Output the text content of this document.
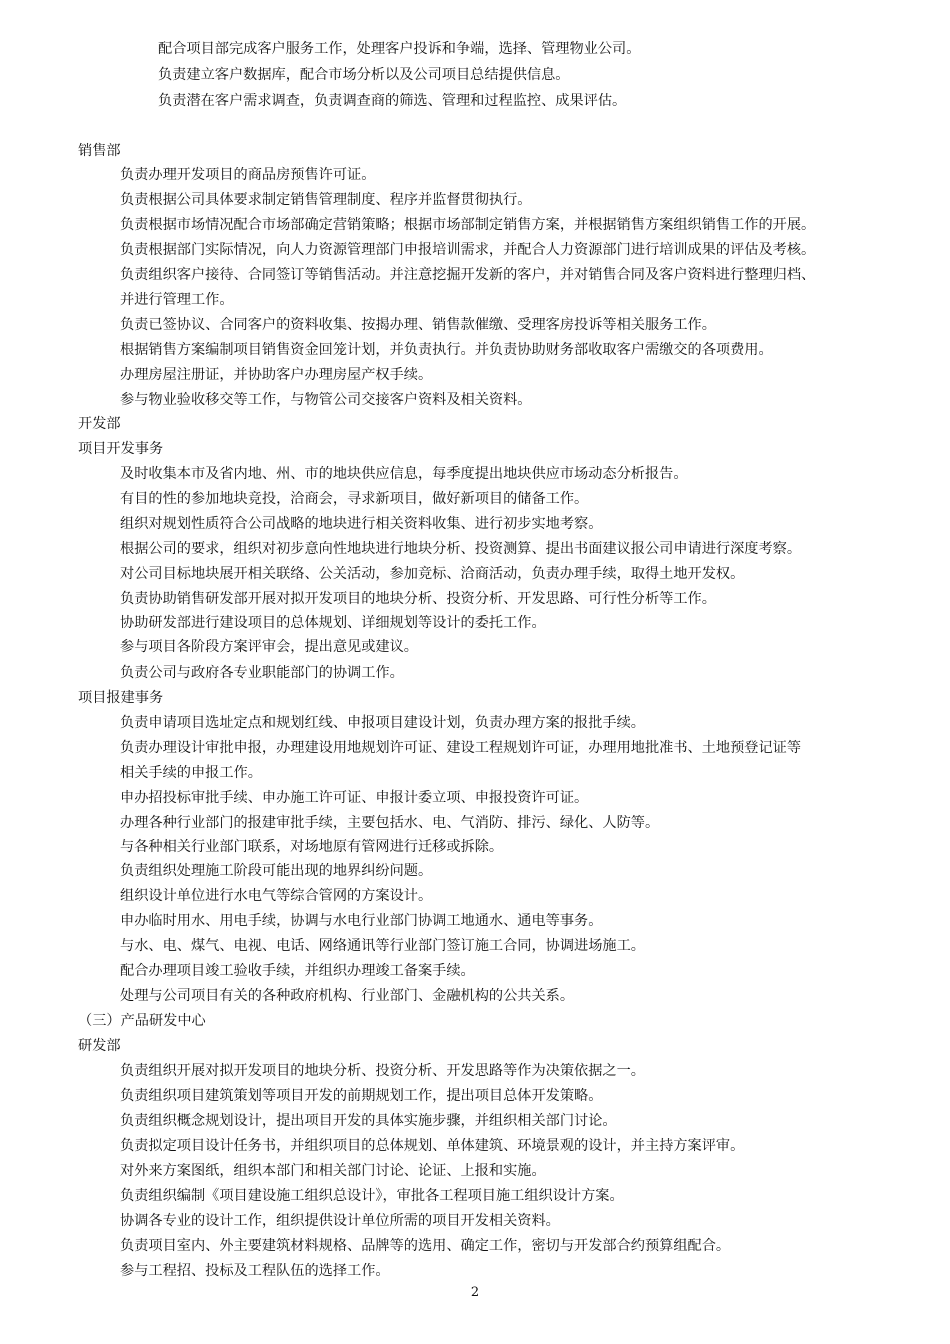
配合项目部完成客户服务工作，处理客户投诉和争端，选择、管理物业公司。
负责建立客户数据库，配合市场分析以及公司项目总结提供信息。
负责潜在客户需求调查，负责调查商的筛选、管理和过程监控、成果评估。
销售部
负责办理开发项目的商品房预售许可证。
负责根据公司具体要求制定销售管理制度、程序并监督贯彻执行。
负责根据市场情况配合市场部确定营销策略；根据市场部制定销售方案，并根据销售方案组织销售工作的开展。
负责根据部门实际情况，向人力资源管理部门申报培训需求，并配合人力资源部门进行培训成果的评估及考核。
负责组织客户接待、合同签订等销售活动。并注意挖掘开发新的客户，并对销售合同及客户资料进行整理归档、
并进行管理工作。
负责已签协议、合同客户的资料收集、按揭办理、销售款催缴、受理客房投诉等相关服务工作。
根据销售方案编制项目销售资金回笼计划，并负责执行。并负责协助财务部收取客户需缴交的各项费用。
办理房屋注册证，并协助客户办理房屋产权手续。
参与物业验收移交等工作，与物管公司交接客户资料及相关资料。
开发部
项目开发事务
及时收集本市及省内地、州、市的地块供应信息，每季度提出地块供应市场动态分析报告。
有目的性的参加地块竞投，洽商会，寻求新项目，做好新项目的储备工作。
组织对规划性质符合公司战略的地块进行相关资料收集、进行初步实地考察。
根据公司的要求，组织对初步意向性地块进行地块分析、投资测算、提出书面建议报公司申请进行深度考察。
对公司目标地块展开相关联络、公关活动，参加竞标、洽商活动，负责办理手续，取得土地开发权。
负责协助销售研发部开展对拟开发项目的地块分析、投资分析、开发思路、可行性分析等工作。
协助研发部进行建设项目的总体规划、详细规划等设计的委托工作。
参与项目各阶段方案评审会，提出意见或建议。
负责公司与政府各专业职能部门的协调工作。
项目报建事务
负责申请项目选址定点和规划红线、申报项目建设计划，负责办理方案的报批手续。
负责办理设计审批申报，办理建设用地规划许可证、建设工程规划许可证，办理用地批准书、土地预登记证等
相关手续的申报工作。
申办招投标审批手续、申办施工许可证、申报计委立项、申报投资许可证。
办理各种行业部门的报建审批手续，主要包括水、电、气消防、排污、绿化、人防等。
与各种相关行业部门联系，对场地原有管网进行迁移或拆除。
负责组织处理施工阶段可能出现的地界纠纷问题。
组织设计单位进行水电气等综合管网的方案设计。
申办临时用水、用电手续，协调与水电行业部门协调工地通水、通电等事务。
与水、电、煤气、电视、电话、网络通讯等行业部门签订施工合同，协调进场施工。
配合办理项目竣工验收手续，并组织办理竣工备案手续。
处理与公司项目有关的各种政府机构、行业部门、金融机构的公共关系。
（三）产品研发中心
研发部
负责组织开展对拟开发项目的地块分析、投资分析、开发思路等作为决策依据之一。
负责组织项目建筑策划等项目开发的前期规划工作，提出项目总体开发策略。
负责组织概念规划设计，提出项目开发的具体实施步骤，并组织相关部门讨论。
负责拟定项目设计任务书，并组织项目的总体规划、单体建筑、环境景观的设计，并主持方案评审。
对外来方案图纸，组织本部门和相关部门讨论、论证、上报和实施。
负责组织编制《项目建设施工组织总设计》，审批各工程项目施工组织设计方案。
协调各专业的设计工作，组织提供设计单位所需的项目开发相关资料。
负责项目室内、外主要建筑材料规格、品牌等的选用、确定工作，密切与开发部合约预算组配合。
参与工程招、投标及工程队伍的选择工作。
2
